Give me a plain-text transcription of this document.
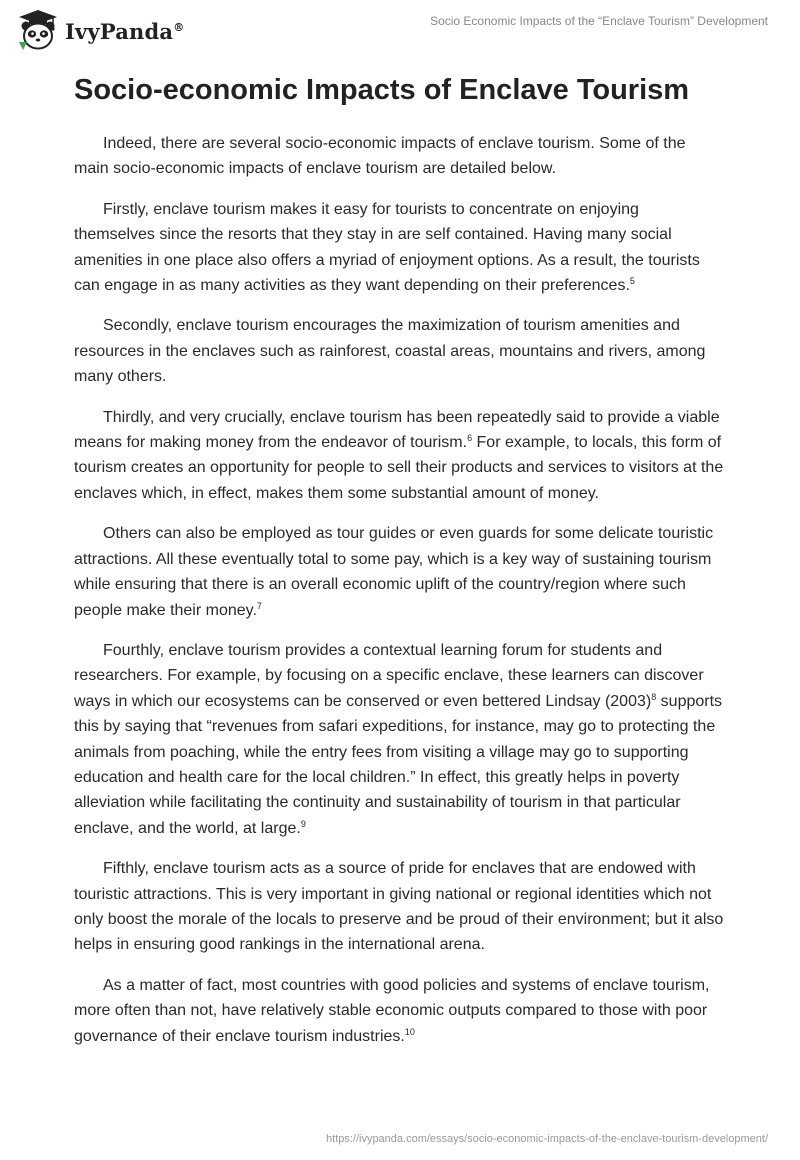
IvyPanda®	Socio Economic Impacts of the “Enclave Tourism” Development
Socio-economic Impacts of Enclave Tourism

Indeed, there are several socio-economic impacts of enclave tourism. Some of the main socio-economic impacts of enclave tourism are detailed below.

Firstly, enclave tourism makes it easy for tourists to concentrate on enjoying themselves since the resorts that they stay in are self contained. Having many social amenities in one place also offers a myriad of enjoyment options. As a result, the tourists can engage in as many activities as they want depending on their preferences.$^5$

Secondly, enclave tourism encourages the maximization of tourism amenities and resources in the enclaves such as rainforest, coastal areas, mountains and rivers, among many others.

Thirdly, and very crucially, enclave tourism has been repeatedly said to provide a viable means for making money from the endeavor of tourism.$^6$ For example, to locals, this form of tourism creates an opportunity for people to sell their products and services to visitors at the enclaves which, in effect, makes them some substantial amount of money.

Others can also be employed as tour guides or even guards for some delicate touristic attractions. All these eventually total to some pay, which is a key way of sustaining tourism while ensuring that there is an overall economic uplift of the country/region where such people make their money.$^7$

Fourthly, enclave tourism provides a contextual learning forum for students and researchers. For example, by focusing on a specific enclave, these learners can discover ways in which our ecosystems can be conserved or even bettered Lindsay (2003)$^8$ supports this by saying that “revenues from safari expeditions, for instance, may go to protecting the animals from poaching, while the entry fees from visiting a village may go to supporting education and health care for the local children.” In effect, this greatly helps in poverty alleviation while facilitating the continuity and sustainability of tourism in that particular enclave, and the world, at large.$^9$

Fifthly, enclave tourism acts as a source of pride for enclaves that are endowed with touristic attractions. This is very important in giving national or regional identities which not only boost the morale of the locals to preserve and be proud of their environment; but it also helps in ensuring good rankings in the international arena.

As a matter of fact, most countries with good policies and systems of enclave tourism, more often than not, have relatively stable economic outputs compared to those with poor governance of their enclave tourism industries.$^{10}$

https://ivypanda.com/essays/socio-economic-impacts-of-the-enclave-tourism-development/
